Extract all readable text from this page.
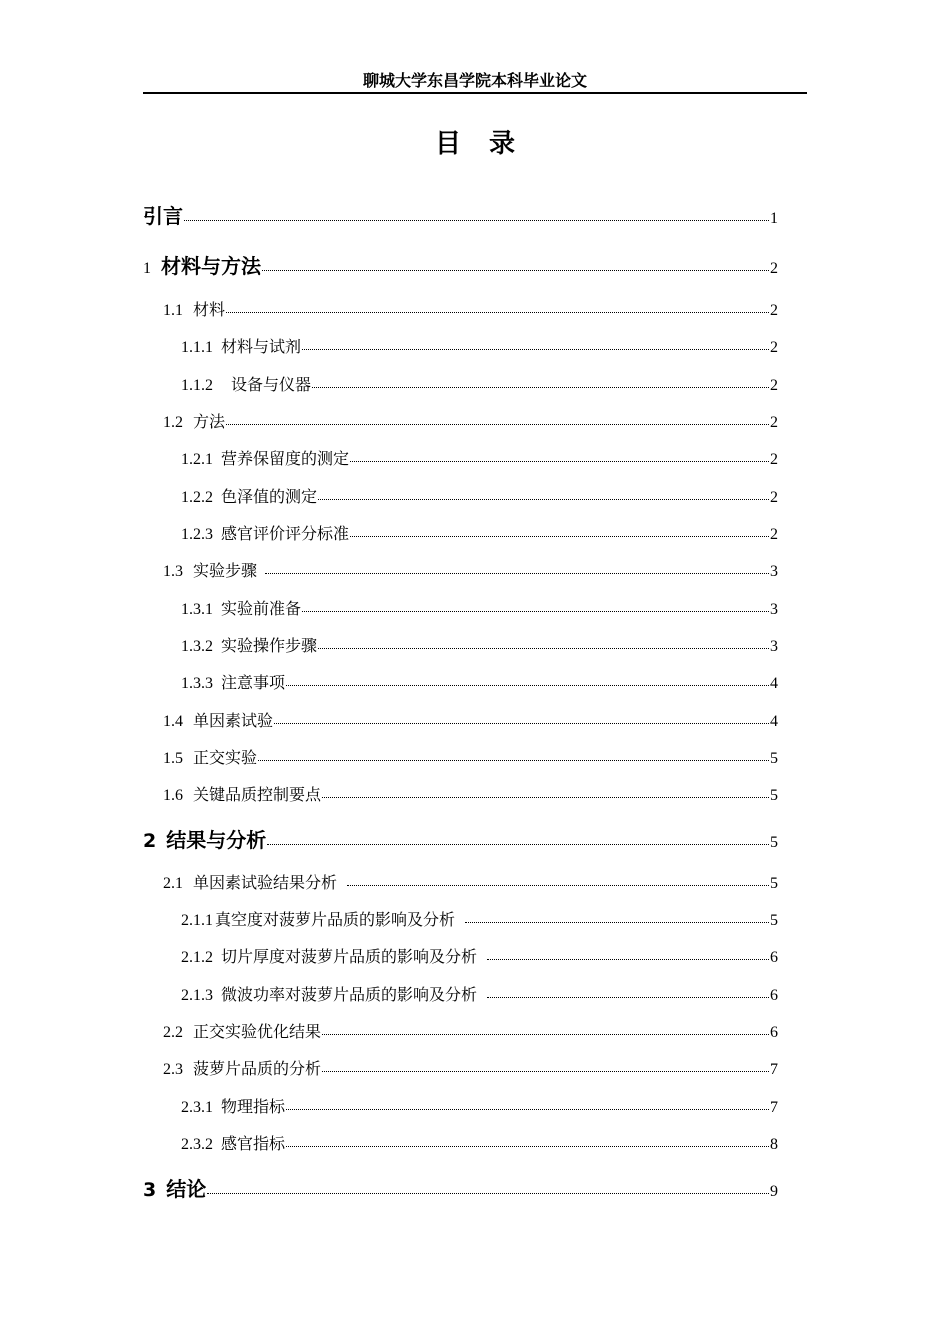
聊城大学东昌学院本科毕业论文
目录
引言	1
1 材料与方法	2
1.1 材料	2
1.1.1 材料与试剂	2
1.1.2 设备与仪器	2
1.2 方法	2
1.2.1 营养保留度的测定	2
1.2.2 色泽值的测定	2
1.2.3 感官评价评分标准	2
1.3 实验步骤	3
1.3.1 实验前准备	3
1.3.2 实验操作步骤	3
1.3.3 注意事项	4
1.4 单因素试验	4
1.5 正交实验	5
1.6 关键品质控制要点	5
2 结果与分析	5
2.1 单因素试验结果分析	5
2.1.1 真空度对菠萝片品质的影响及分析	5
2.1.2 切片厚度对菠萝片品质的影响及分析	6
2.1.3 微波功率对菠萝片品质的影响及分析	6
2.2 正交实验优化结果	6
2.3 菠萝片品质的分析	7
2.3.1 物理指标	7
2.3.2 感官指标	8
3 结论	9
